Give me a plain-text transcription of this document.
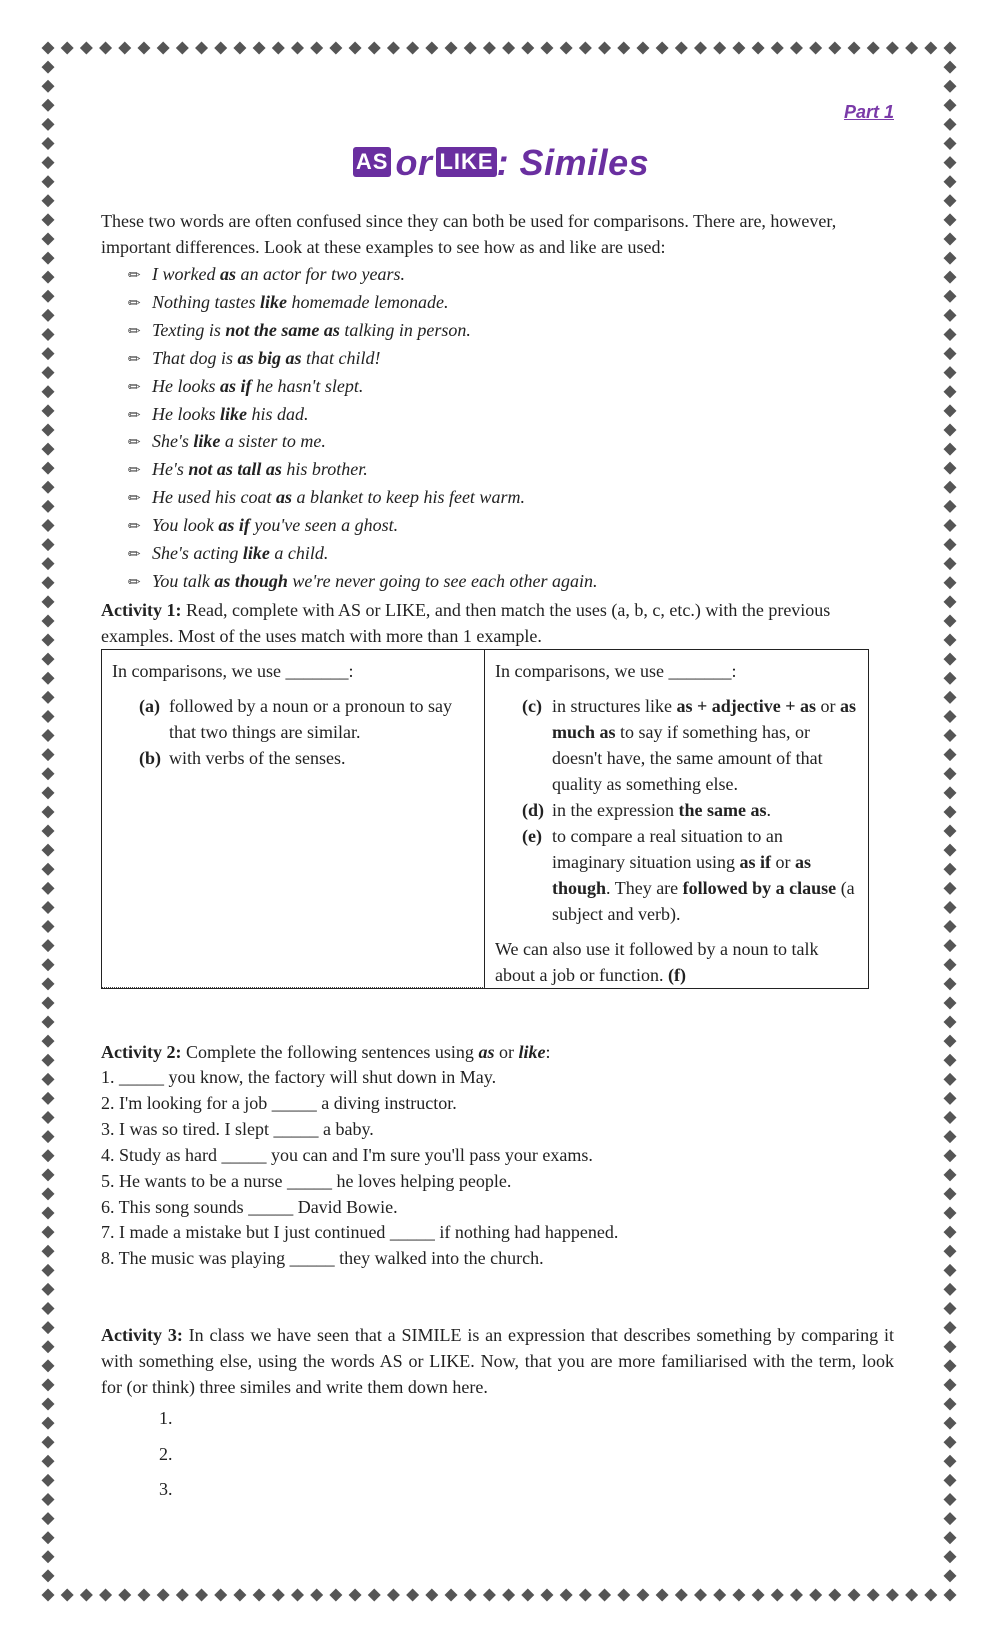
Part 1
AS or LIKE: Similes
These two words are often confused since they can both be used for comparisons. There are, however, important differences. Look at these examples to see how as and like are used:
✏ I worked as an actor for two years.
✏ Nothing tastes like homemade lemonade.
✏ Texting is not the same as talking in person.
✏ That dog is as big as that child!
✏ He looks as if he hasn't slept.
✏ He looks like his dad.
✏ She's like a sister to me.
✏ He's not as tall as his brother.
✏ He used his coat as a blanket to keep his feet warm.
✏ You look as if you've seen a ghost.
✏ She's acting like a child.
✏ You talk as though we're never going to see each other again.
Activity 1: Read, complete with AS or LIKE, and then match the uses (a, b, c, etc.) with the previous examples. Most of the uses match with more than 1 example.
In comparisons, we use _______:
(a) followed by a noun or a pronoun to say that two things are similar.
(b) with verbs of the senses.
In comparisons, we use _______:
(c) in structures like as + adjective + as or as much as to say if something has, or doesn't have, the same amount of that quality as something else.
(d) in the expression the same as.
(e) to compare a real situation to an imaginary situation using as if or as though. They are followed by a clause (a subject and verb).
We can also use it followed by a noun to talk about a job or function. (f)
Activity 2: Complete the following sentences using as or like:
1. _____ you know, the factory will shut down in May.
2. I'm looking for a job _____ a diving instructor.
3. I was so tired. I slept _____ a baby.
4. Study as hard _____ you can and I'm sure you'll pass your exams.
5. He wants to be a nurse _____ he loves helping people.
6. This song sounds _____ David Bowie.
7. I made a mistake but I just continued _____ if nothing had happened.
8. The music was playing _____ they walked into the church.
Activity 3: In class we have seen that a SIMILE is an expression that describes something by comparing it with something else, using the words AS or LIKE. Now, that you are more familiarised with the term, look for (or think) three similes and write them down here.
1.
2.
3.
